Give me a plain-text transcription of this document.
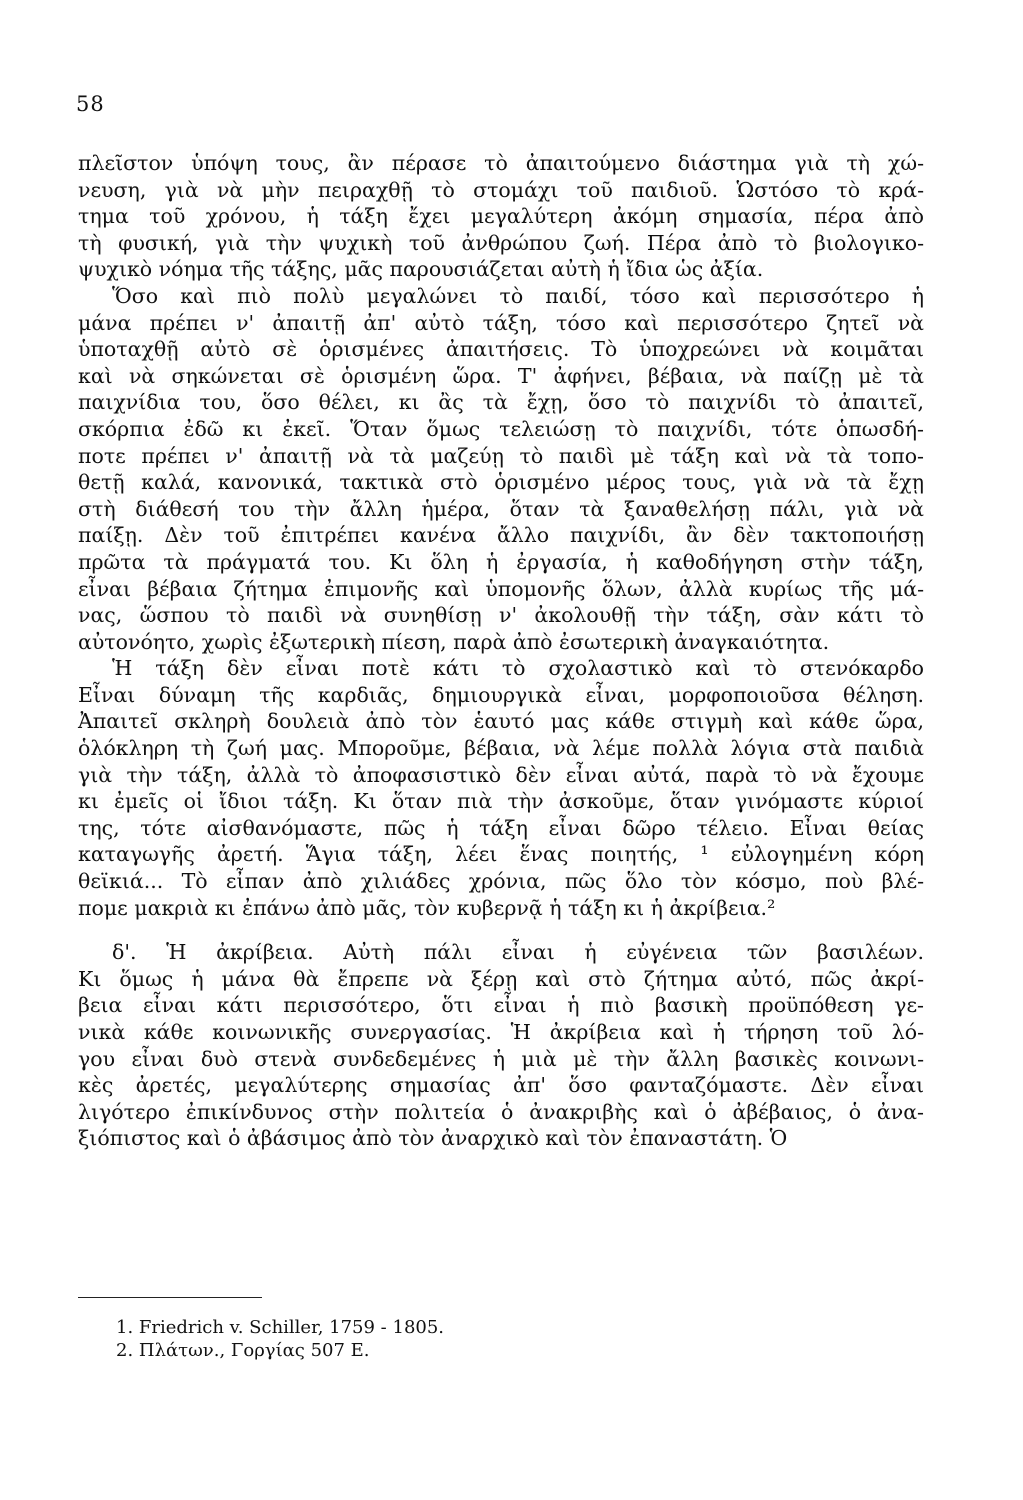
58
πλεῖστον ὑπόψη τους, ἂν πέρασε τὸ ἀπαιτούμενο διάστημα γιὰ τὴ χώ-
νευση, γιὰ νὰ μὴν πειραχθῇ τὸ στομάχι τοῦ παιδιοῦ. Ὡστόσο τὸ κρά-
τημα τοῦ χρόνου, ἡ τάξη ἔχει μεγαλύτερη ἀκόμη σημασία, πέρα ἀπὸ
τὴ φυσική, γιὰ τὴν ψυχικὴ τοῦ ἀνθρώπου ζωή. Πέρα ἀπὸ τὸ βιολογικο-
ψυχικὸ νόημα τῆς τάξης, μᾶς παρουσιάζεται αὐτὴ ἡ ἴδια ὡς ἀξία.
Ὅσο καὶ πιὸ πολὺ μεγαλώνει τὸ παιδί, τόσο καὶ περισσότερο ἡ
μάνα πρέπει ν' ἀπαιτῇ ἀπ' αὐτὸ τάξη, τόσο καὶ περισσότερο ζητεῖ νὰ
ὑποταχθῇ αὐτὸ σὲ ὁρισμένες ἀπαιτήσεις. Τὸ ὑποχρεώνει νὰ κοιμᾶται
καὶ νὰ σηκώνεται σὲ ὁρισμένη ὥρα. Τ' ἀφήνει, βέβαια, νὰ παίζῃ μὲ τὰ
παιχνίδια του, ὅσο θέλει, κι ἂς τὰ ἔχῃ, ὅσο τὸ παιχνίδι τὸ ἀπαιτεῖ,
σκόρπια ἐδῶ κι ἐκεῖ. Ὅταν ὅμως τελειώσῃ τὸ παιχνίδι, τότε ὁπωσδή-
ποτε πρέπει ν' ἀπαιτῇ νὰ τὰ μαζεύῃ τὸ παιδὶ μὲ τάξη καὶ νὰ τὰ τοπο-
θετῇ καλά, κανονικά, τακτικὰ στὸ ὁρισμένο μέρος τους, γιὰ νὰ τὰ ἔχῃ
στὴ διάθεσή του τὴν ἄλλη ἡμέρα, ὅταν τὰ ξαναθελήσῃ πάλι, γιὰ νὰ
παίξῃ. Δὲν τοῦ ἐπιτρέπει κανένα ἄλλο παιχνίδι, ἂν δὲν τακτοποιήσῃ
πρῶτα τὰ πράγματά του. Κι ὅλη ἡ ἐργασία, ἡ καθοδήγηση στὴν τάξη,
εἶναι βέβαια ζήτημα ἐπιμονῆς καὶ ὑπομονῆς ὅλων, ἀλλὰ κυρίως τῆς μά-
νας, ὥσπου τὸ παιδὶ νὰ συνηθίσῃ ν' ἀκολουθῇ τὴν τάξη, σὰν κάτι τὸ
αὐτονόητο, χωρὶς ἐξωτερικὴ πίεση, παρὰ ἀπὸ ἐσωτερικὴ ἀναγκαιότητα.
Ἡ τάξη δὲν εἶναι ποτὲ κάτι τὸ σχολαστικὸ καὶ τὸ στενόκαρδο
Εἶναι δύναμη τῆς καρδιᾶς, δημιουργικὰ εἶναι, μορφοποιοῦσα θέληση.
Ἀπαιτεῖ σκληρὴ δουλειὰ ἀπὸ τὸν ἑαυτό μας κάθε στιγμὴ καὶ κάθε ὥρα,
ὁλόκληρη τὴ ζωή μας. Μποροῦμε, βέβαια, νὰ λέμε πολλὰ λόγια στὰ παιδιὰ
γιὰ τὴν τάξη, ἀλλὰ τὸ ἀποφασιστικὸ δὲν εἶναι αὐτά, παρὰ τὸ νὰ ἔχουμε
κι ἐμεῖς οἱ ἴδιοι τάξη. Κι ὅταν πιὰ τὴν ἀσκοῦμε, ὅταν γινόμαστε κύριοί
της, τότε αἰσθανόμαστε, πῶς ἡ τάξη εἶναι δῶρο τέλειο. Εἶναι θείας
καταγωγῆς ἀρετή. Ἅγια τάξη, λέει ἕνας ποιητής, ¹ εὐλογημένη κόρη
θεϊκιά... Τὸ εἶπαν ἀπὸ χιλιάδες χρόνια, πῶς ὅλο τὸν κόσμο, ποὺ βλέ-
πομε μακριὰ κι ἐπάνω ἀπὸ μᾶς, τὸν κυβερνᾷ ἡ τάξη κι ἡ ἀκρίβεια.²
δ'. Ἡ ἀκρίβεια. Αὐτὴ πάλι εἶναι ἡ εὐγένεια τῶν βασιλέων.
Κι ὅμως ἡ μάνα θὰ ἔπρεπε νὰ ξέρῃ καὶ στὸ ζήτημα αὐτό, πῶς ἀκρί-
βεια εἶναι κάτι περισσότερο, ὅτι εἶναι ἡ πιὸ βασικὴ προϋπόθεση γε-
νικὰ κάθε κοινωνικῆς συνεργασίας. Ἡ ἀκρίβεια καὶ ἡ τήρηση τοῦ λό-
γου εἶναι δυὸ στενὰ συνδεδεμένες ἡ μιὰ μὲ τὴν ἄλλη βασικὲς κοινωνι-
κὲς ἀρετές, μεγαλύτερης σημασίας ἀπ' ὅσο φανταζόμαστε. Δὲν εἶναι
λιγότερο ἐπικίνδυνος στὴν πολιτεία ὁ ἀνακριβὴς καὶ ὁ ἀβέβαιος, ὁ ἀνα-
ξιόπιστος καὶ ὁ ἀβάσιμος ἀπὸ τὸν ἀναρχικὸ καὶ τὸν ἐπαναστάτη. Ὁ
1. Friedrich v. Schiller, 1759 - 1805.
2. Πλάτων., Γοργίας 507 E.
